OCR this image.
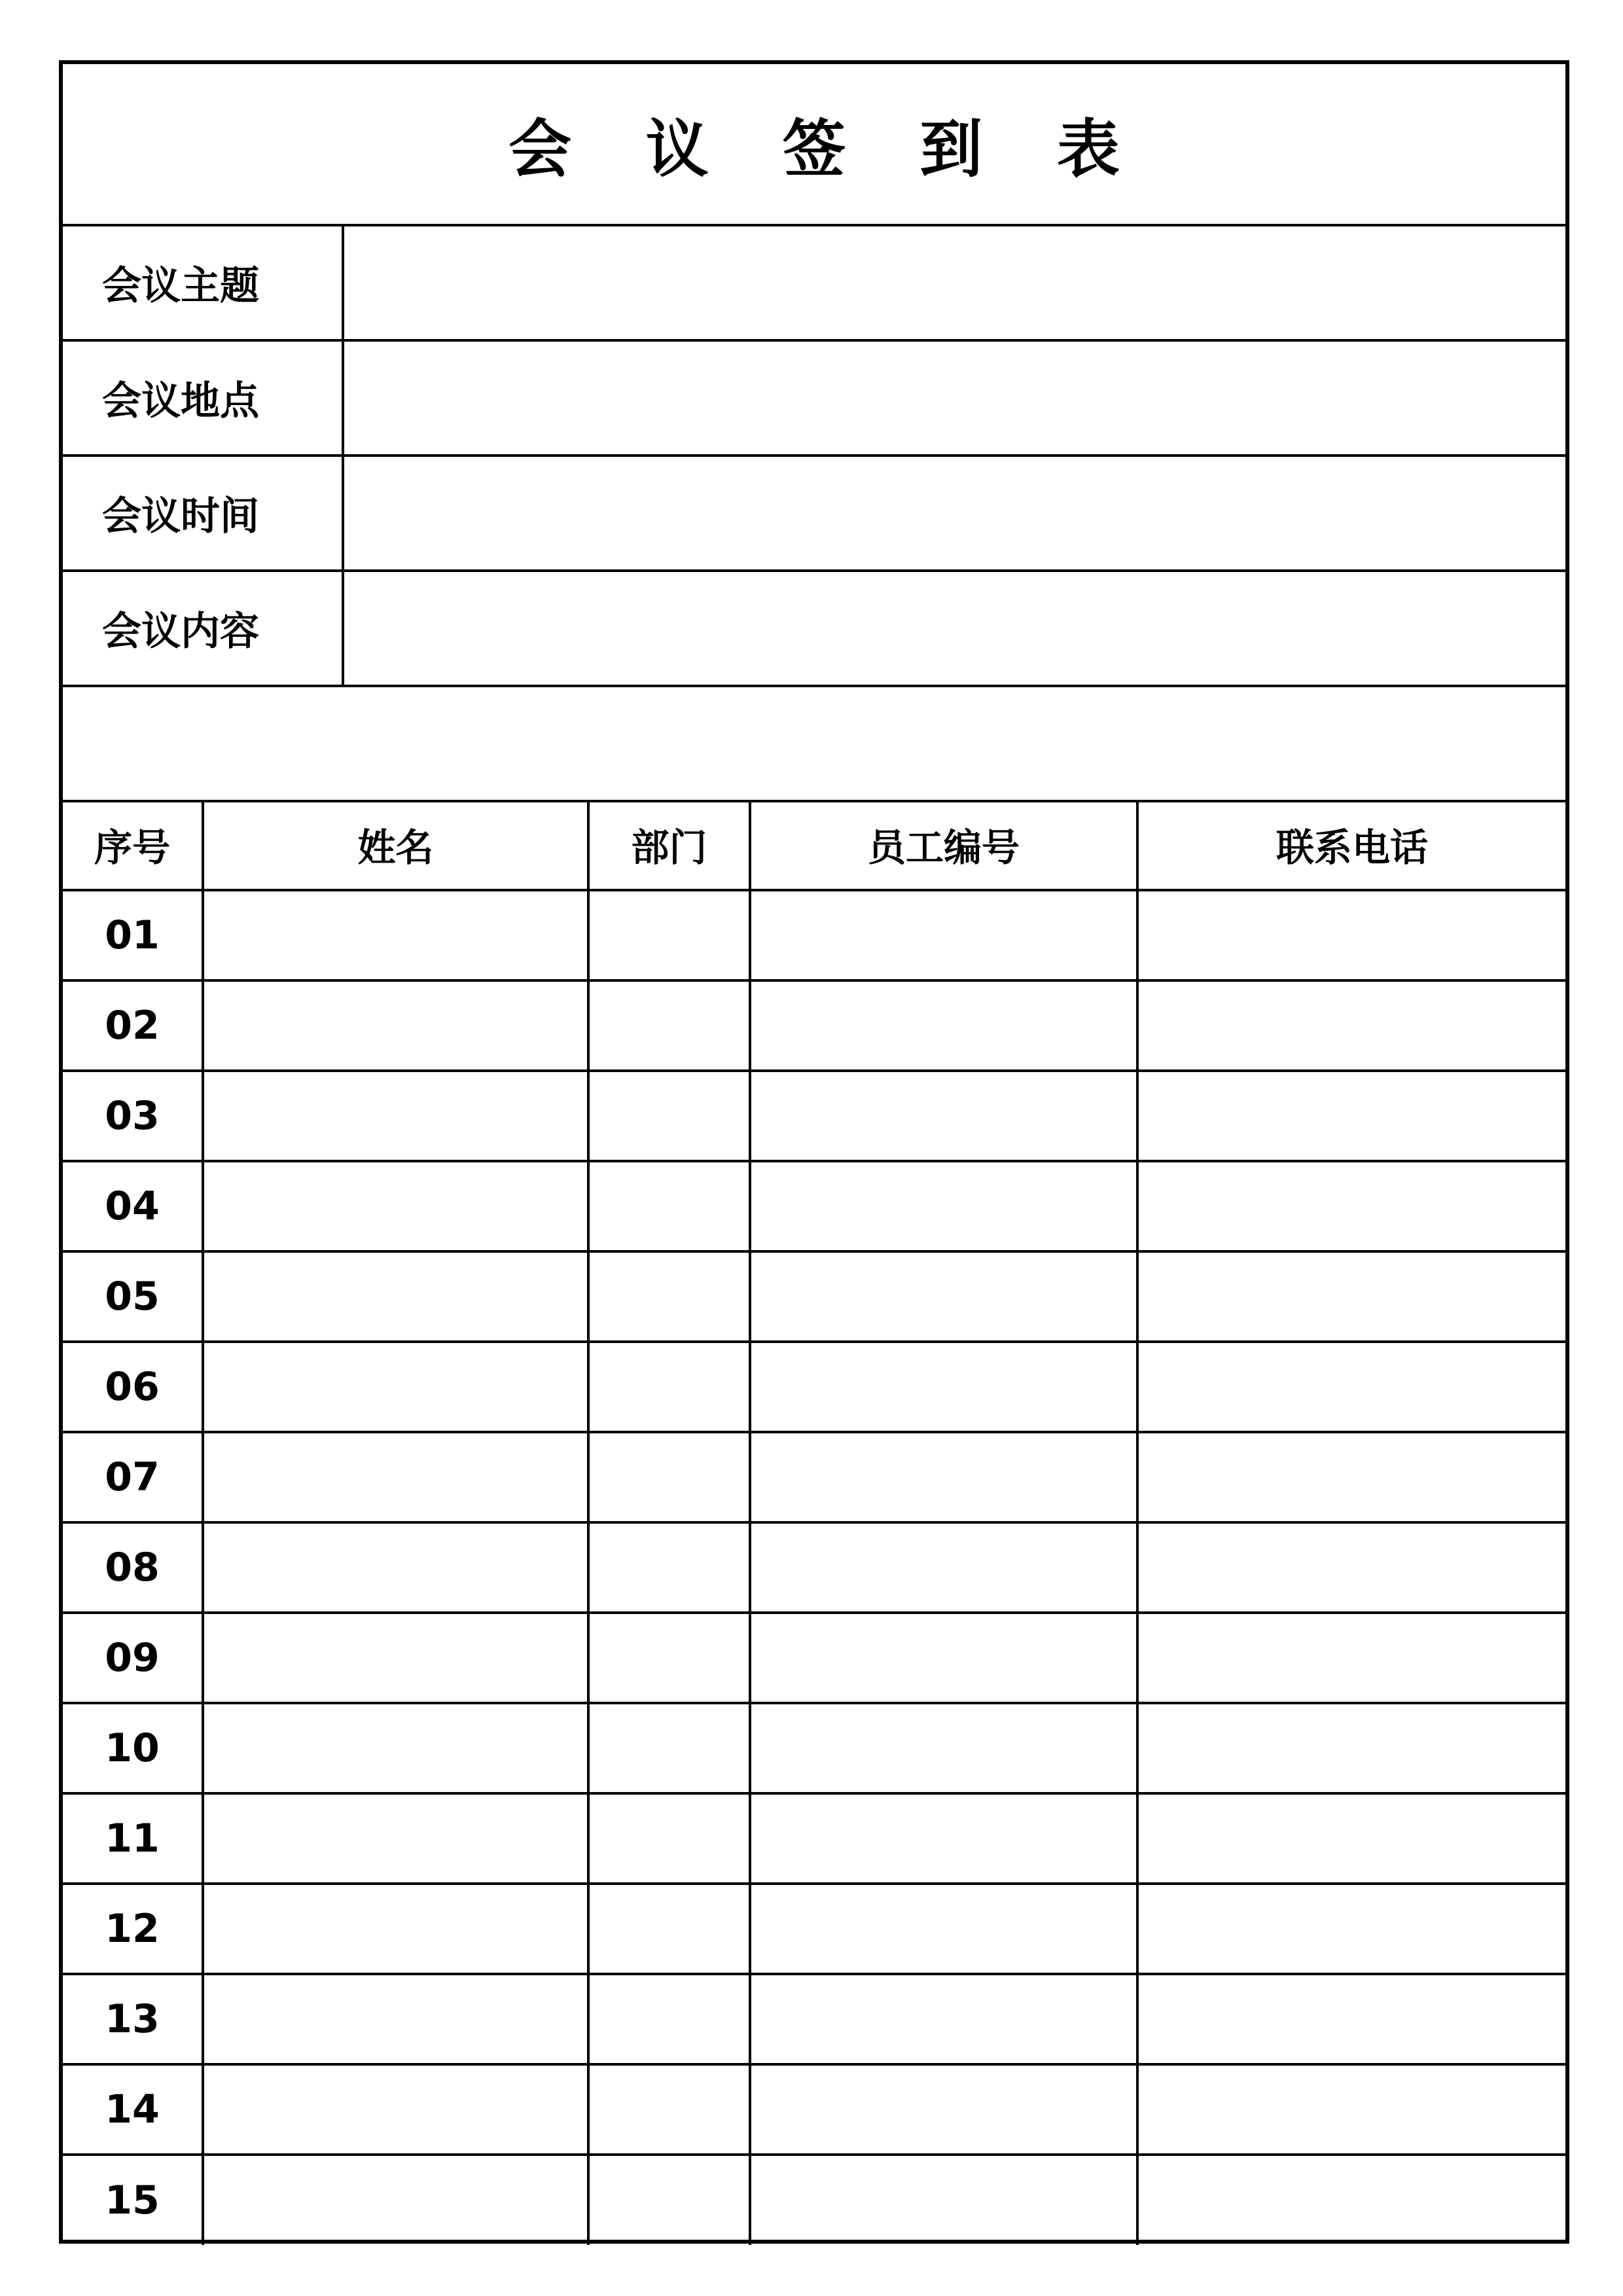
会 议 签 到 表
会议主题
会议地点
会议时间
会议内容
序号	姓名	部门	员工编号	联系电话
01				
02				
03				
04				
05				
06				
07				
08				
09				
10				
11				
12				
13				
14				
15				
